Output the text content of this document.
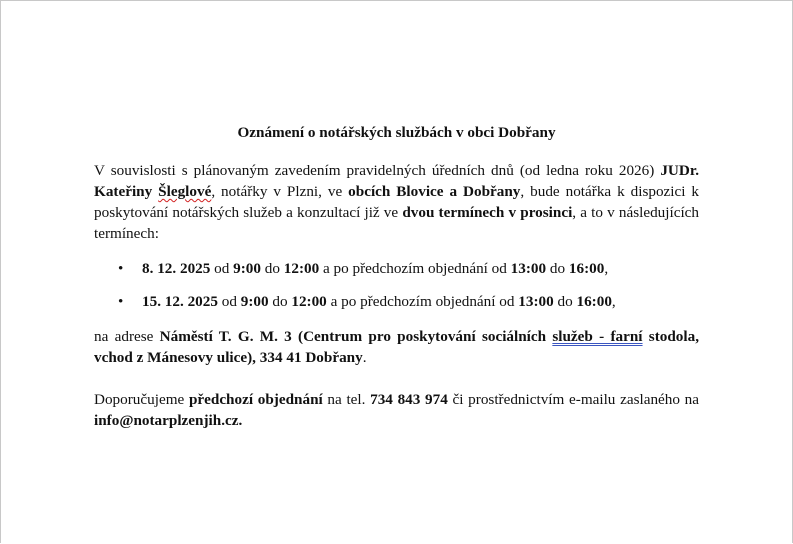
Oznámení o notářských službách v obci Dobřany

V souvislosti s plánovaným zavedením pravidelných úředních dnů (od ledna roku 2026) JUDr. Kateřiny Šleglové, notářky v Plzni, ve obcích Blovice a Dobřany, bude notářka k dispozici k poskytování notářských služeb a konzultací již ve dvou termínech v prosinci, a to v následujících termínech:

• 8. 12. 2025 od 9:00 do 12:00 a po předchozím objednání od 13:00 do 16:00,
• 15. 12. 2025 od 9:00 do 12:00 a po předchozím objednání od 13:00 do 16:00,

na adrese Náměstí T. G. M. 3 (Centrum pro poskytování sociálních služeb - farní stodola, vchod z Mánesovy ulice), 334 41 Dobřany.

Doporučujeme předchozí objednání na tel. 734 843 974 či prostřednictvím e-mailu zaslaného na info@notarplzenjih.cz.
